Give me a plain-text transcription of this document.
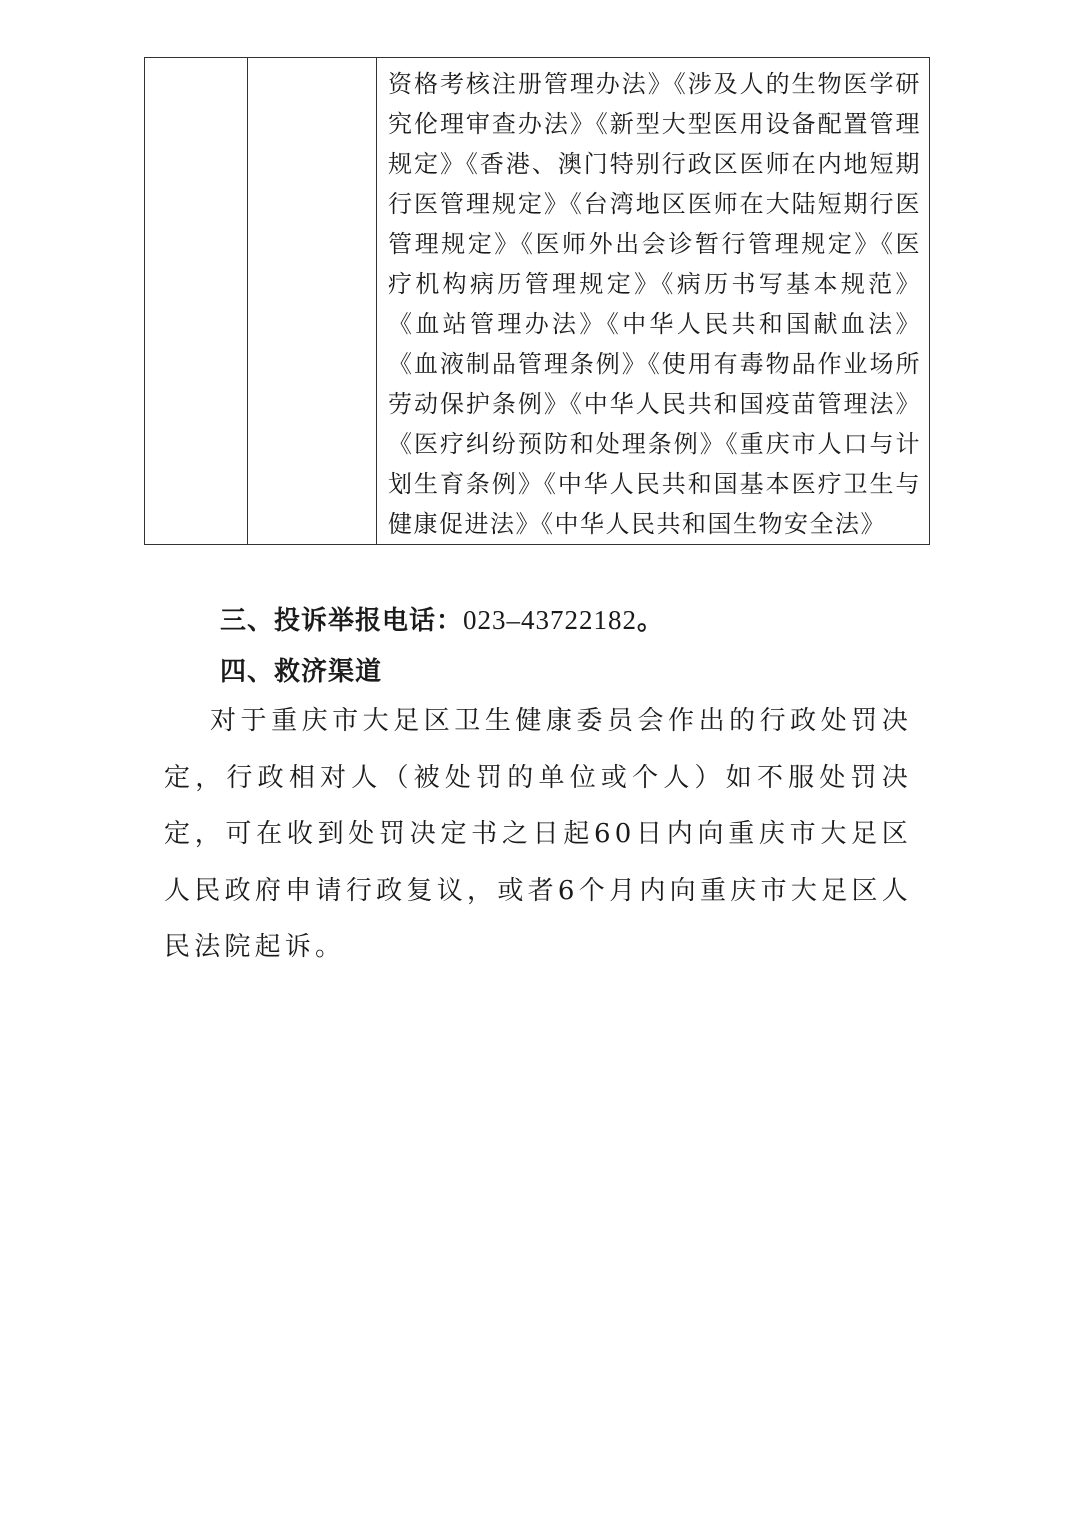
资格考核注册管理办法》《涉及人的生物医学研究伦理审查办法》《新型大型医用设备配置管理规定》《香港、澳门特别行政区医师在内地短期行医管理规定》《台湾地区医师在大陆短期行医管理规定》《医师外出会诊暂行管理规定》《医疗机构病历管理规定》《病历书写基本规范》《血站管理办法》《中华人民共和国献血法》《血液制品管理条例》《使用有毒物品作业场所劳动保护条例》《中华人民共和国疫苗管理法》《医疗纠纷预防和处理条例》《重庆市人口与计划生育条例》《中华人民共和国基本医疗卫生与健康促进法》《中华人民共和国生物安全法》
三、投诉举报电话：023–43722182。
四、救济渠道

对于重庆市大足区卫生健康委员会作出的行政处罚决定，行政相对人（被处罚的单位或个人）如不服处罚决定，可在收到处罚决定书之日起60日内向重庆市大足区人民政府申请行政复议，或者6个月内向重庆市大足区人民法院起诉。
